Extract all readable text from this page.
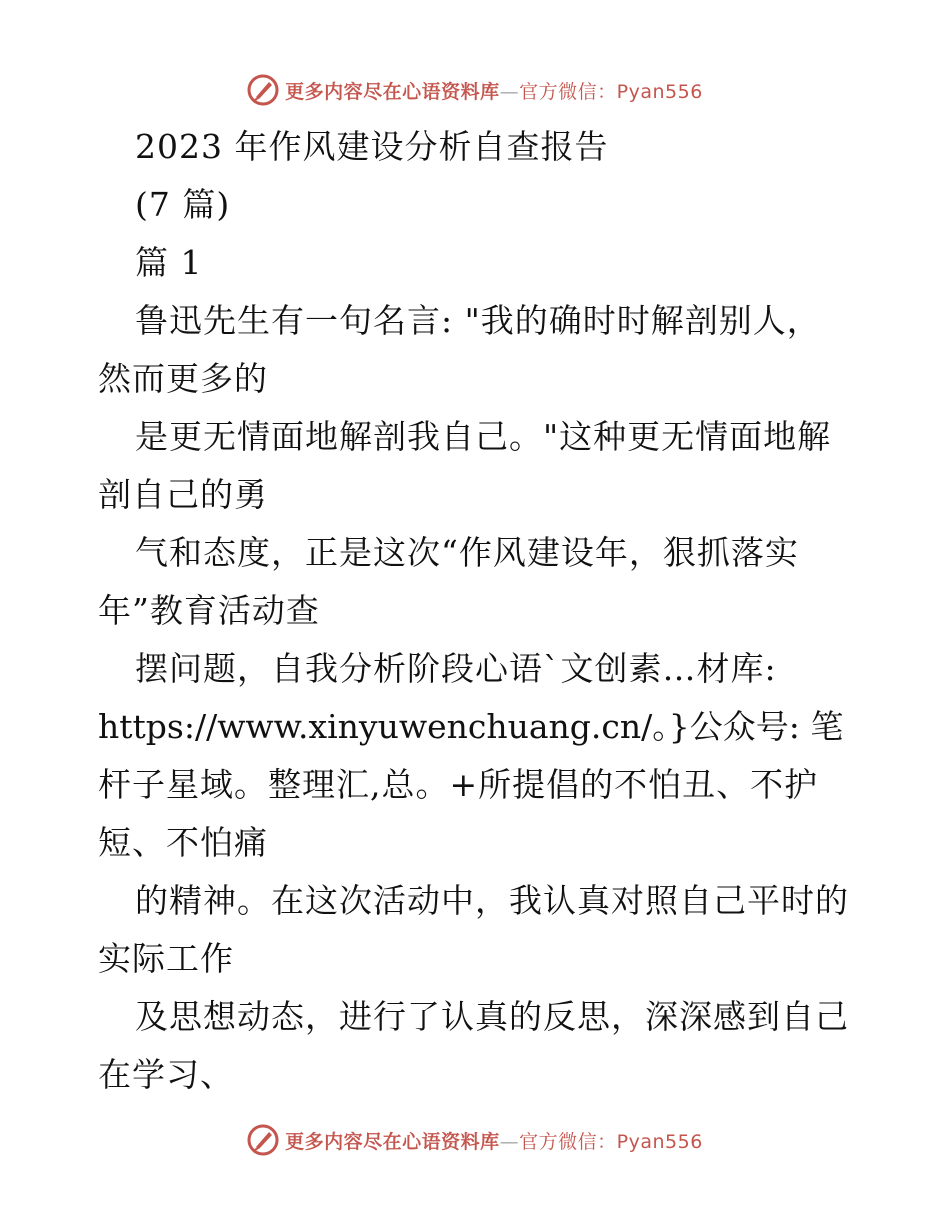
更多内容尽在心语资料库—官方微信：Pyan556
2023 年作风建设分析自查报告
(7 篇)
篇 1
鲁迅先生有一句名言: "我的确时时解剖别人，
然而更多的
是更无情面地解剖我自己。"这种更无情面地解
剖自己的勇
气和态度，正是这次“作风建设年，狠抓落实
年”教育活动查
摆问题，自我分析阶段心语`文创素…材库:
https://www.xinyuwenchuang.cn/。}公众号: 笔
杆子星域。整理汇,总。+所提倡的不怕丑、不护
短、不怕痛
的精神。在这次活动中，我认真对照自己平时的
实际工作
及思想动态，进行了认真的反思，深深感到自己
在学习、
更多内容尽在心语资料库—官方微信：Pyan556
